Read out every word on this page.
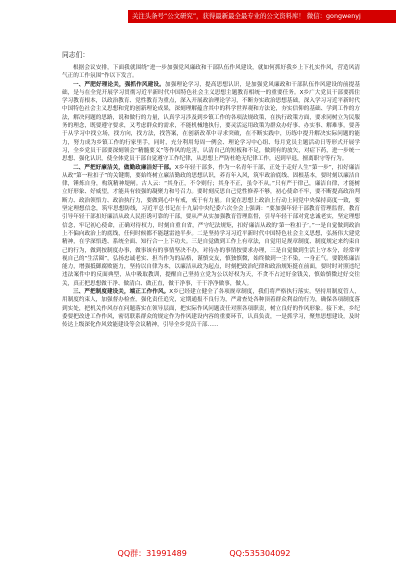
关注头条号“公文研究”，获得最新最全最专业的公文资料库！ 微信：gongwenyj
同志们：

根据会议安排，下面我就围绕“进一步加强党风廉政和干部队伍作风建设，就如何抓好我乡上下扎实作风，营造风清气正的工作氛围”作以下发言。

一、严肥好理论关，强抓作风建设。加强理论学习，提高思想认识，是加强党风廉政和干部队伍作风建设的前提基础，是与在全党开展学习贯彻习近平新时代中国特色社会主义思想主题教育相统一的重要任务。X乡广大党员干部要抓住学习教育根本，以政治教育、党性教育为重点，深入开展政治理论学习，不断夯实政治思想基础，深入学习习近平新时代中国特色社会主义思想和党的创新理论成果，深刻理解蕴含其中的科学世界观和方法论，夯实信仰的基础、学到工作的方法，解决问题的思路，说和做行的力量，认真学习涉及到乡镇工作的各项法规政策，在执行政策方面，要求同树立为民服务的理念，既要遵守要求，又考虑群众的需求，不能机械地执行，要灵活运用政策为群众办好事、办实事、解难事，要善于从学习中找立场，找方向，找方法，找答案，在创新改革中寻求突破，在不断实践中，历练中提升解决实际问题的能力，努力成为乡镇工作的行家里手，同时，充分利用每周一例会、理论学习中心组、每月党员主题活动日等形式开展学习，全乡党员干部要深刻领会“精髓要义”等作风的危害，认清自己的短板和不足，做到有的放矢，对症下药，进一步统一思想、强化认识，使全体党员干部自觉遵守工作纪律，从思想上严防杜绝无纪律工作，迟到早退，擅离职守等行为。

二、严把好廉洁关，做勤政廉洁好干部。X乡年轻干部多，作为一名青年干部，正处于走好人生“第一步”，扣好廉洁从政“第一粒扣子”的关键期，要始终树立廉洁勤政的思想认识，养育年入风，筑牢政治底线、固根基本，要时刻以廉洁自律，锤炼自身，构筑精神堤闸。古人云：“其身正，不令则行；其身不正，虽令不从。”只有严于律己，廉洁自律，才能树立好形象、好威望，才能具有较强的凝聚力和号召力。要时刻反思自己党性修养不够，初心使命不牢，要不断提高政治判断力、政治领悟力、政治执行力，要做到心中有戒，戒于有力量。自觉在思想上政治上行动上同党中央保持高度一致，要坚定理想信念，筑牢思想防线，习近平总书记在十九届中央纪委六次全会上强调：“要加强年轻干部教育管理监督，教育引导年轻干部扣好廉洁从政人民拒诱可靠的干部，要从严从实加强教育管理监督，引导年轻干部对党忠诚老实，坚定理想信念，牢记初心使命，正确对待权力，时刻自重自省，严守纪法规矩，扣好廉洁从政的‘第一粒扣子’。”一是自觉做到政治上不偏向政治上的底线，任何时候都不能越雷池半步。二是坚持学习习近平新时代中国特色社会主义思想，弘扬伟大建党精神，在学深悟透、系统全面、知行合一上下功夫。三是自觉做到工作上有章法，自觉用足规章制度、制度规定来约束自己的行为，做到按制度办事，做事该有的事情坚决不办，对待办的事情按要求办理，三是自觉做到生活上守本分，经常审视自己的“生活圈”，弘扬忠诚老实、担当作为的品格，谨慎交友，慎独慎微，始终做到一尘不染，一身正气。要锻炼廉洁能力，增强抵御腐败能力，坚持以自律为本，以廉洁从政为起点，时刻把政治纪律和政治规矩挺在前面，要时时对照违纪违法案件中的反面典型，从中吸取教训，提醒自己坚持立党为公以好权为天，不贪不占过好金钱关，慎始慎微过好交往关，真正把思想做干净、做清白、做正直，做干净事，干干净净做事，做人。

三、严把制度建设关，端正工作作风。X乡已经建立健全了各项规章制度，我们将严格执行落实，坚持用制度管人，用制度约束人，加强督办检查，强化责任追究，定期通报不良行为，严肃查处各种顶着群众利益的行为，确保各项制度落到实处，把机关作风存在问题落实在领导层面，把实际作风问题责任对照各项职责，树立良好的作风形象。接下来，乡纪委要把改进工作作风，密切联系群众的规定作为作风建设内容的重要环节，认真负责，一是抓学习，聚焦思想建设，及时传达上级深化作风效能建设等会议精神，引导全乡党员干部……

QQ群：31991489	QQ:535304092
